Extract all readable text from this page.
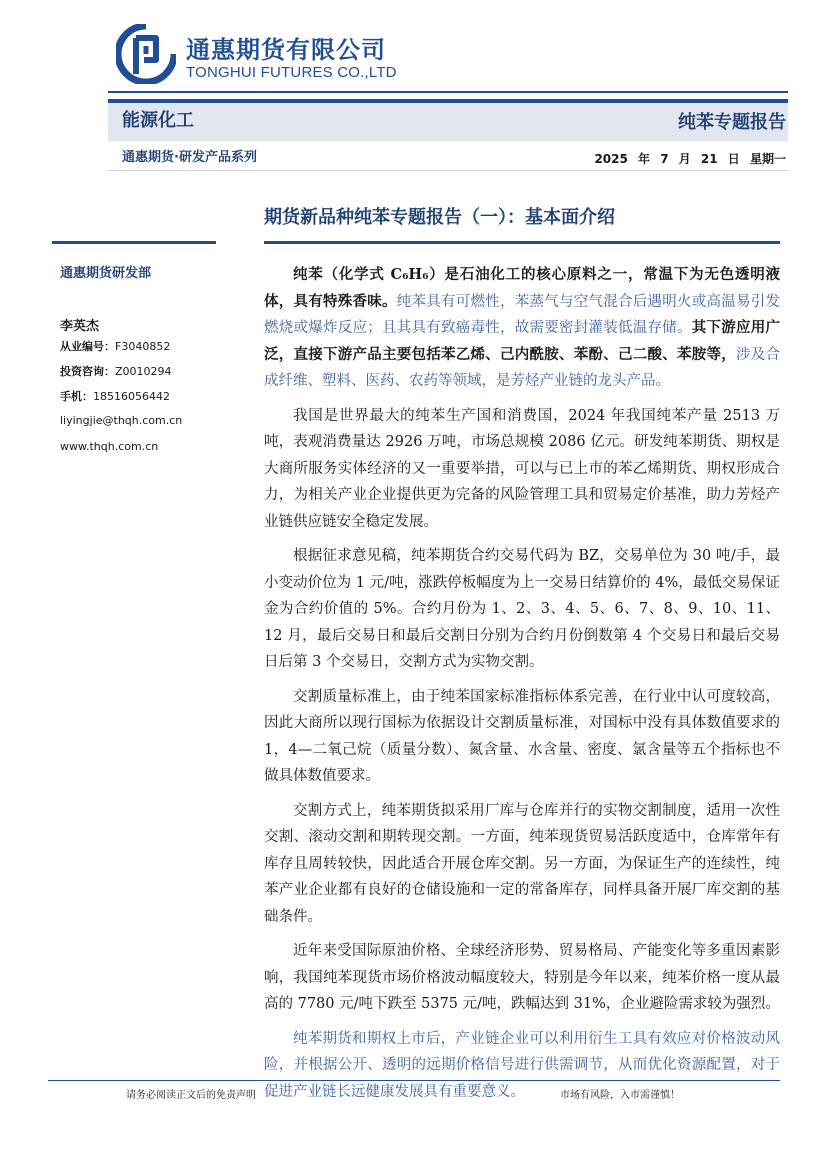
通惠期货有限公司
TONGHUI FUTURES CO.,LTD
能源化工	纯苯专题报告
通惠期货·研发产品系列	2025 年 7 月 21 日 星期一
期货新品种纯苯专题报告（一）：基本面介绍
通惠期货研发部
李英杰
从业编号：F3040852
投资咨询：Z0010294
手机：18516056442
liyingjie@thqh.com.cn
www.thqh.com.cn

纯苯（化学式 C₆H₆）是石油化工的核心原料之一，常温下为无色透明液体，具有特殊香味。纯苯具有可燃性，苯蒸气与空气混合后遇明火或高温易引发燃烧或爆炸反应；且其具有致癌毒性，故需要密封灌装低温存储。其下游应用广泛，直接下游产品主要包括苯乙烯、己内酰胺、苯酚、己二酸、苯胺等，涉及合成纤维、塑料、医药、农药等领域，是芳烃产业链的龙头产品。

我国是世界最大的纯苯生产国和消费国，2024 年我国纯苯产量 2513 万吨，表观消费量达 2926 万吨，市场总规模 2086 亿元。研发纯苯期货、期权是大商所服务实体经济的又一重要举措，可以与已上市的苯乙烯期货、期权形成合力，为相关产业企业提供更为完备的风险管理工具和贸易定价基准，助力芳烃产业链供应链安全稳定发展。

根据征求意见稿，纯苯期货合约交易代码为 BZ，交易单位为 30 吨/手，最小变动价位为 1 元/吨，涨跌停板幅度为上一交易日结算价的 4%，最低交易保证金为合约价值的 5%。合约月份为 1、2、3、4、5、6、7、8、9、10、11、12 月，最后交易日和最后交割日分别为合约月份倒数第 4 个交易日和最后交易日后第 3 个交易日，交割方式为实物交割。

交割质量标准上，由于纯苯国家标准指标体系完善，在行业中认可度较高，因此大商所以现行国标为依据设计交割质量标准，对国标中没有具体数值要求的 1，4—二氧己烷（质量分数）、氮含量、水含量、密度、氯含量等五个指标也不做具体数值要求。

交割方式上，纯苯期货拟采用厂库与仓库并行的实物交割制度，适用一次性交割、滚动交割和期转现交割。一方面，纯苯现货贸易活跃度适中，仓库常年有库存且周转较快，因此适合开展仓库交割。另一方面，为保证生产的连续性，纯苯产业企业都有良好的仓储设施和一定的常备库存，同样具备开展厂库交割的基础条件。

近年来受国际原油价格、全球经济形势、贸易格局、产能变化等多重因素影响，我国纯苯现货市场价格波动幅度较大，特别是今年以来，纯苯价格一度从最高的 7780 元/吨下跌至 5375 元/吨，跌幅达到 31%，企业避险需求较为强烈。

纯苯期货和期权上市后，产业链企业可以利用衍生工具有效应对价格波动风险，并根据公开、透明的远期价格信号进行供需调节，从而优化资源配置，对于促进产业链长远健康发展具有重要意义。

请务必阅读正文后的免责声明	市场有风险，入市需谨慎！
